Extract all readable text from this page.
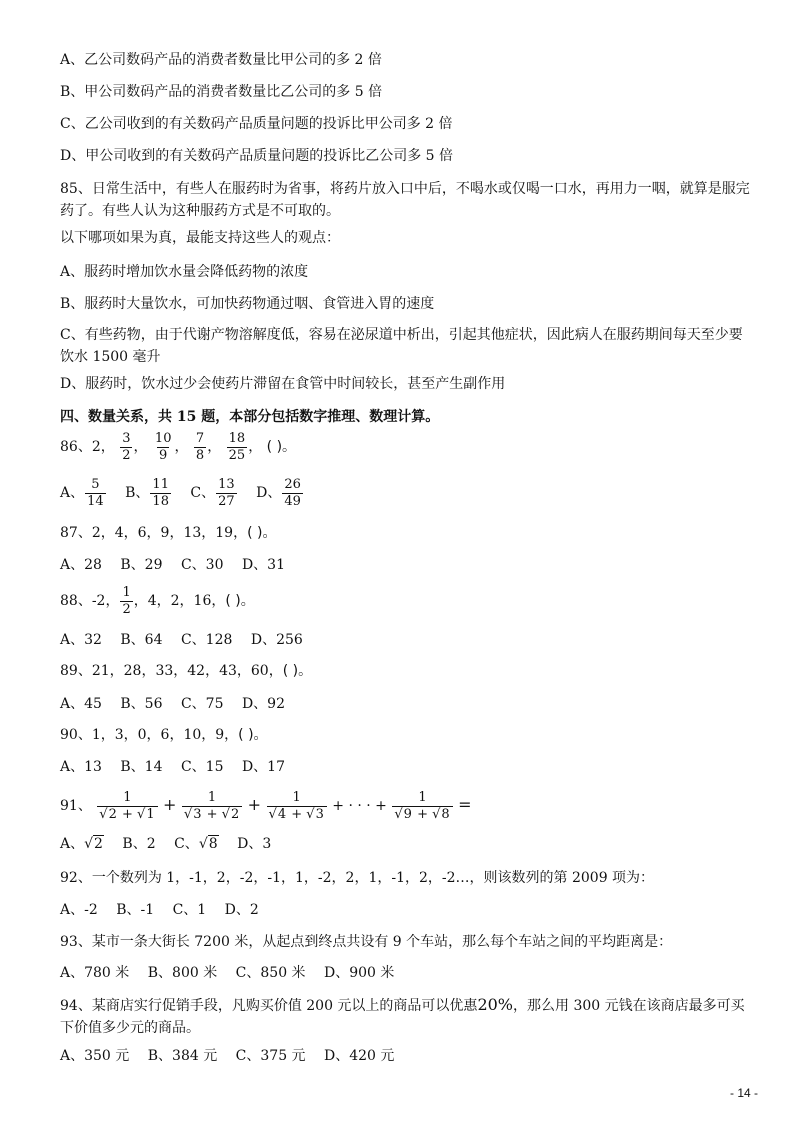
A、乙公司数码产品的消费者数量比甲公司的多 2 倍
B、甲公司数码产品的消费者数量比乙公司的多 5 倍
C、乙公司收到的有关数码产品质量问题的投诉比甲公司多 2 倍
D、甲公司收到的有关数码产品质量问题的投诉比乙公司多 5 倍
85、日常生活中，有些人在服药时为省事，将药片放入口中后，不喝水或仅喝一口水，再用力一咽，就算是服完药了。有些人认为这种服药方式是不可取的。
以下哪项如果为真，最能支持这些人的观点：
A、服药时增加饮水量会降低药物的浓度
B、服药时大量饮水，可加快药物通过咽、食管进入胃的速度
C、有些药物，由于代谢产物溶解度低，容易在泌尿道中析出，引起其他症状，因此病人在服药期间每天至少要饮水 1500 毫升
D、服药时，饮水过少会使药片滞留在食管中时间较长，甚至产生副作用
四、数量关系，共 15 题，本部分包括数字推理、数理计算。
86、2， $\frac{3}{2}$ ， $\frac{10}{9}$ ， $\frac{7}{8}$ ， $\frac{18}{25}$ ， ( )。
A、 $\frac{5}{14}$ B、 $\frac{11}{18}$ C、 $\frac{13}{27}$ D、 $\frac{26}{49}$
87、2，4，6，9，13，19，( )。
A、28 B、29 C、30 D、31
88、-2， $\frac{1}{2}$ ，4，2，16，( )。
A、32 B、64 C、128 D、256
89、21，28，33，42，43，60，( )。
A、45 B、56 C、75 D、92
90、1，3，0，6，10，9，( )。
A、13 B、14 C、15 D、17
91、 $\frac{1}{√2 + √1} + \frac{1}{√3 + √2} + \frac{1}{√4 + √3}$ + · · · + $\frac{1}{√9 + √8}$ =
A、√2 B、2 C、√8 D、3
92、一个数列为 1，-1，2，-2，-1，1，-2，2，1，-1，2，-2…，则该数列的第 2009 项为：
A、-2 B、-1 C、1 D、2
93、某市一条大街长 7200 米，从起点到终点共设有 9 个车站，那么每个车站之间的平均距离是：
A、780 米 B、800 米 C、850 米 D、900 米
94、某商店实行促销手段，凡购买价值 200 元以上的商品可以优惠20%，那么用 300 元钱在该商店最多可买下价值多少元的商品。
A、350 元 B、384 元 C、375 元 D、420 元
- 14 -
